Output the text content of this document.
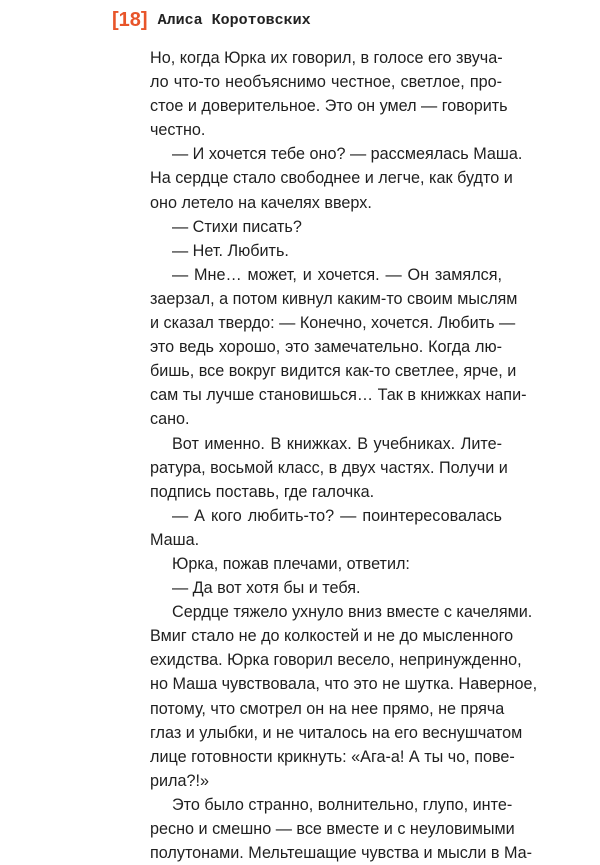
[18] Алиса Коротовских
Но, когда Юрка их говорил, в голосе его звуча-
ло что-то необъяснимо честное, светлое, про-
стое и доверительное. Это он умел — говорить
честно.
— И хочется тебе оно? — рассмеялась Маша.
На сердце стало свободнее и легче, как будто и
оно летело на качелях вверх.
— Стихи писать?
— Нет. Любить.
— Мне… может, и хочется. — Он замялся,
заерзал, а потом кивнул каким-то своим мыслям
и сказал твердо: — Конечно, хочется. Любить —
это ведь хорошо, это замечательно. Когда лю-
бишь, все вокруг видится как-то светлее, ярче, и
сам ты лучше становишься… Так в книжках напи-
сано.
Вот именно. В книжках. В учебниках. Лите-
ратура, восьмой класс, в двух частях. Получи и
подпись поставь, где галочка.
— А кого любить-то? — поинтересовалась
Маша.
Юрка, пожав плечами, ответил:
— Да вот хотя бы и тебя.
Сердце тяжело ухнуло вниз вместе с качелями.
Вмиг стало не до колкостей и не до мысленного
ехидства. Юрка говорил весело, непринужденно,
но Маша чувствовала, что это не шутка. Наверное,
потому, что смотрел он на нее прямо, не пряча
глаз и улыбки, и не читалось на его веснушчатом
лице готовности крикнуть: «Ага-а! А ты чо, пове-
рила?!»
Это было странно, волнительно, глупо, инте-
ресно и смешно — все вместе и с неуловимыми
полутонами. Мельтешащие чувства и мысли в Ма-
